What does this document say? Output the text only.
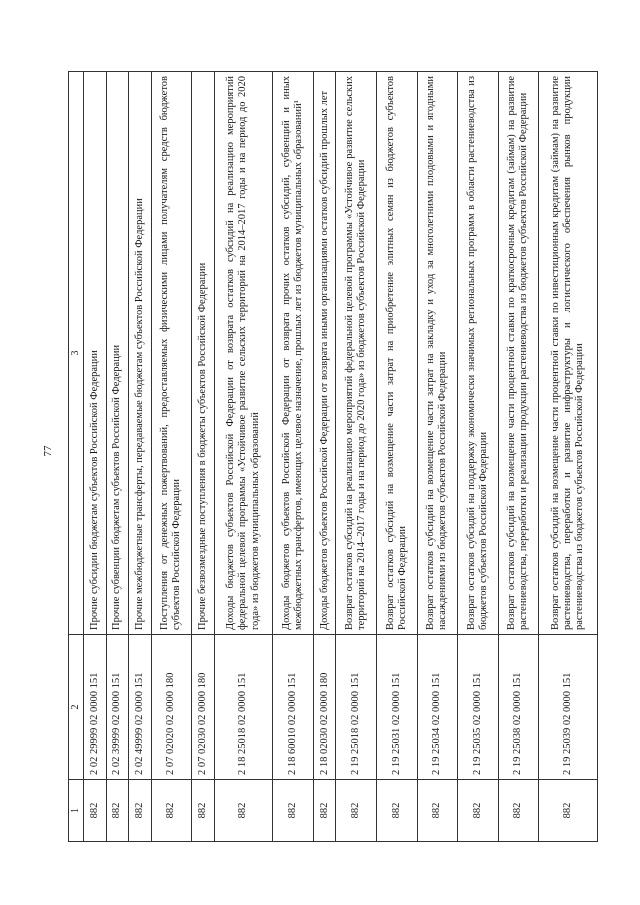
77
1	2	3
882	2 02 29999 02 0000 151	Прочие субсидии бюджетам субъектов Российской Федерации
882	2 02 39999 02 0000 151	Прочие субвенции бюджетам субъектов Российской Федерации
882	2 02 49999 02 0000 151	Прочие межбюджетные трансферты, передаваемые бюджетам субъектов Российской Федерации
882	2 07 02020 02 0000 180	Поступления от денежных пожертвований, предоставляемых физическими лицами получателям средств бюджетов субъектов Российской Федерации
882	2 07 02030 02 0000 180	Прочие безвозмездные поступления в бюджеты субъектов Российской Федерации
882	2 18 25018 02 0000 151	Доходы бюджетов субъектов Российской Федерации от возврата остатков субсидий на реализацию мероприятий федеральной целевой программы «Устойчивое развитие сельских территорий на 2014–2017 годы и на период до 2020 года» из бюджетов муниципальных образований
882	2 18 60010 02 0000 151	Доходы бюджетов субъектов Российской Федерации от возврата прочих остатков субсидий, субвенций и иных межбюджетных трансфертов, имеющих целевое назначение, прошлых лет из бюджетов муниципальных образований¹
882	2 18 02030 02 0000 180	Доходы бюджетов субъектов Российской Федерации от возврата иными организациями остатков субсидий прошлых лет
882	2 19 25018 02 0000 151	Возврат остатков субсидий на реализацию мероприятий федеральной целевой программы «Устойчивое развитие сельских территорий на 2014–2017 годы и на период до 2020 года» из бюджетов субъектов Российской Федерации
882	2 19 25031 02 0000 151	Возврат остатков субсидий на возмещение части затрат на приобретение элитных семян из бюджетов субъектов Российской Федерации
882	2 19 25034 02 0000 151	Возврат остатков субсидий на возмещение части затрат на закладку и уход за многолетними плодовыми и ягодными насаждениями из бюджетов субъектов Российской Федерации
882	2 19 25035 02 0000 151	Возврат остатков субсидий на поддержку экономически значимых региональных программ в области растениеводства из бюджетов субъектов Российской Федерации
882	2 19 25038 02 0000 151	Возврат остатков субсидий на возмещение части процентной ставки по краткосрочным кредитам (займам) на развитие растениеводства, переработки и реализации продукции растениеводства из бюджетов субъектов Российской Федерации
882	2 19 25039 02 0000 151	Возврат остатков субсидий на возмещение части процентной ставки по инвестиционным кредитам (займам) на развитие растениеводства, переработки и развитие инфраструктуры и логистического обеспечения рынков продукции растениеводства из бюджетов субъектов Российской Федерации
